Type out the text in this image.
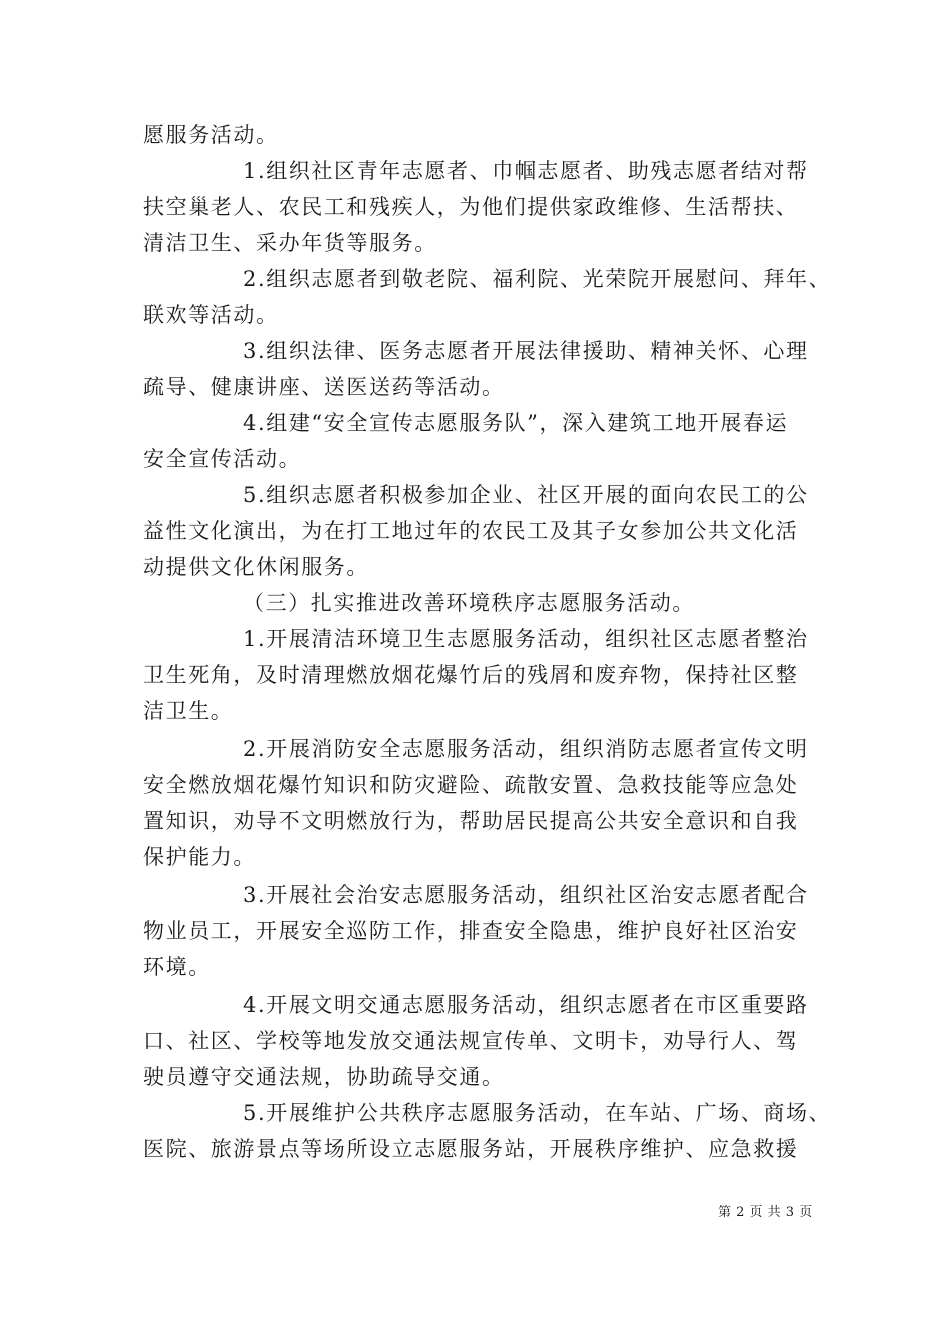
愿服务活动。
1.组织社区青年志愿者、巾帼志愿者、助残志愿者结对帮
扶空巢老人、农民工和残疾人，为他们提供家政维修、生活帮扶、
清洁卫生、采办年货等服务。
2.组织志愿者到敬老院、福利院、光荣院开展慰问、拜年、
联欢等活动。
3.组织法律、医务志愿者开展法律援助、精神关怀、心理
疏导、健康讲座、送医送药等活动。
4.组建“安全宣传志愿服务队”，深入建筑工地开展春运
安全宣传活动。
5.组织志愿者积极参加企业、社区开展的面向农民工的公
益性文化演出，为在打工地过年的农民工及其子女参加公共文化活
动提供文化休闲服务。
（三）扎实推进改善环境秩序志愿服务活动。
1.开展清洁环境卫生志愿服务活动，组织社区志愿者整治
卫生死角，及时清理燃放烟花爆竹后的残屑和废弃物，保持社区整
洁卫生。
2.开展消防安全志愿服务活动，组织消防志愿者宣传文明
安全燃放烟花爆竹知识和防灾避险、疏散安置、急救技能等应急处
置知识，劝导不文明燃放行为，帮助居民提高公共安全意识和自我
保护能力。
3.开展社会治安志愿服务活动，组织社区治安志愿者配合
物业员工，开展安全巡防工作，排查安全隐患，维护良好社区治安
环境。
4.开展文明交通志愿服务活动，组织志愿者在市区重要路
口、社区、学校等地发放交通法规宣传单、文明卡，劝导行人、驾
驶员遵守交通法规，协助疏导交通。
5.开展维护公共秩序志愿服务活动，在车站、广场、商场、
医院、旅游景点等场所设立志愿服务站，开展秩序维护、应急救援
第 2 页 共 3 页
